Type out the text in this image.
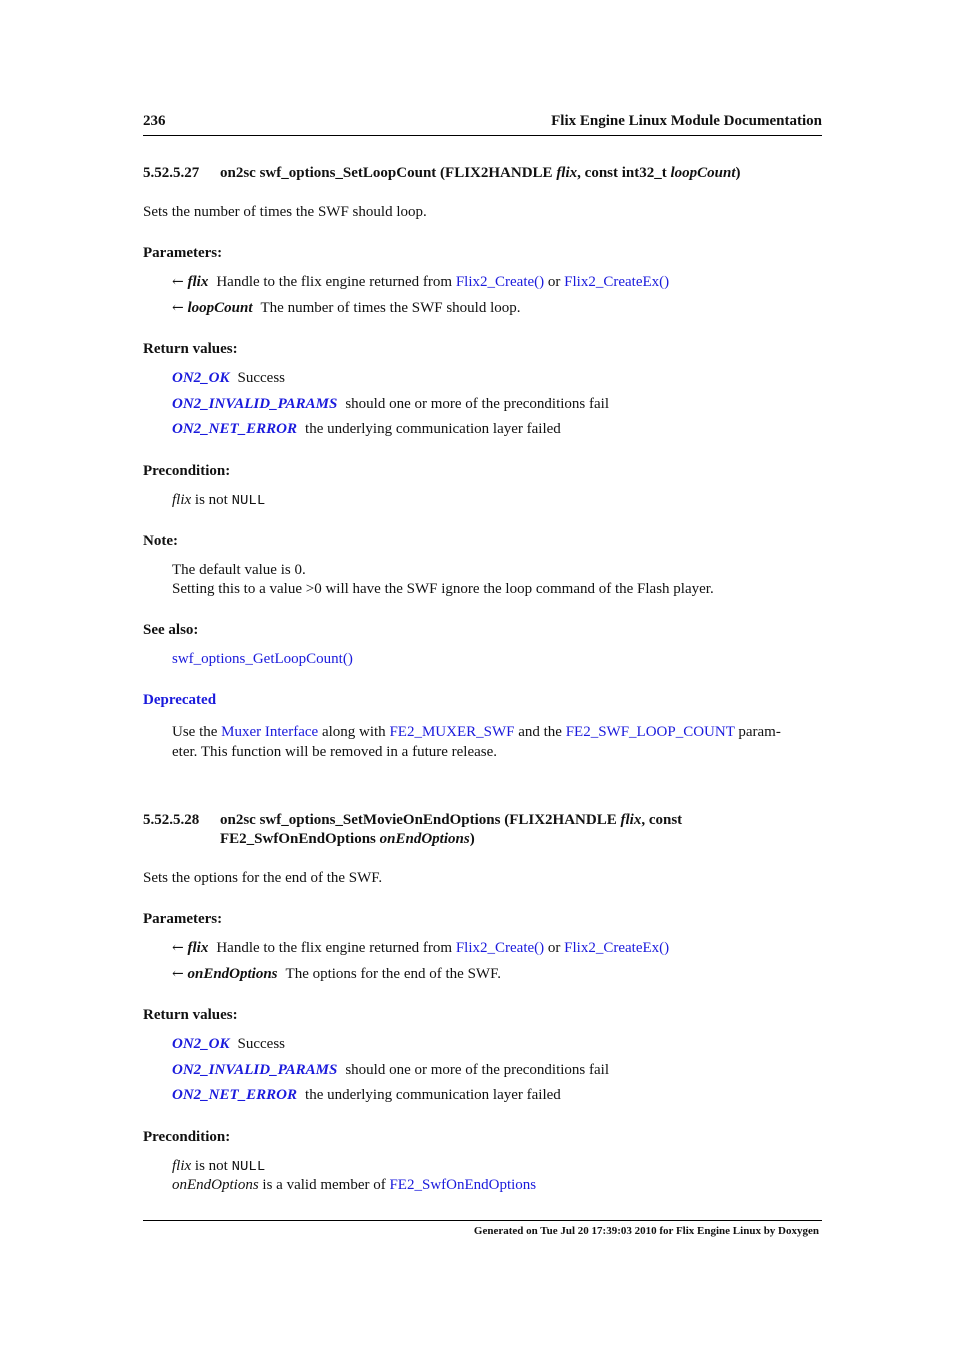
236	Flix Engine Linux Module Documentation
5.52.5.27 on2sc swf_options_SetLoopCount (FLIX2HANDLE flix, const int32_t loopCount)
Sets the number of times the SWF should loop.
Parameters:
← flix Handle to the flix engine returned from Flix2_Create() or Flix2_CreateEx()
← loopCount The number of times the SWF should loop.
Return values:
ON2_OK Success
ON2_INVALID_PARAMS should one or more of the preconditions fail
ON2_NET_ERROR the underlying communication layer failed
Precondition:
flix is not NULL
Note:
The default value is 0.
Setting this to a value >0 will have the SWF ignore the loop command of the Flash player.
See also:
swf_options_GetLoopCount()
Deprecated
Use the Muxer Interface along with FE2_MUXER_SWF and the FE2_SWF_LOOP_COUNT param-
eter. This function will be removed in a future release.
5.52.5.28 on2sc swf_options_SetMovieOnEndOptions (FLIX2HANDLE flix, const
FE2_SwfOnEndOptions onEndOptions)
Sets the options for the end of the SWF.
Parameters:
← flix Handle to the flix engine returned from Flix2_Create() or Flix2_CreateEx()
← onEndOptions The options for the end of the SWF.
Return values:
ON2_OK Success
ON2_INVALID_PARAMS should one or more of the preconditions fail
ON2_NET_ERROR the underlying communication layer failed
Precondition:
flix is not NULL
onEndOptions is a valid member of FE2_SwfOnEndOptions
Generated on Tue Jul 20 17:39:03 2010 for Flix Engine Linux by Doxygen
